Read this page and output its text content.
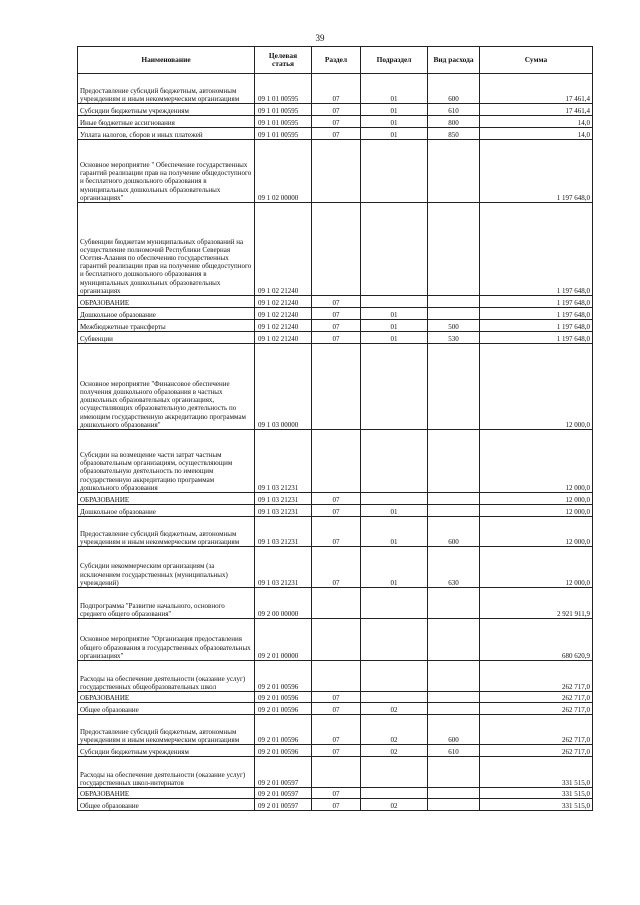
39
Наименование	Целевая статья	Раздел	Подраздел	Вид расхода	Сумма
Предоставление субсидий бюджетным, автономным учреждениям и иным некоммерческим организациям	09 1 01 00595	07	01	600	17 461,4
Субсидии бюджетным учреждениям	09 1 01 00595	07	01	610	17 461,4
Иные бюджетные ассигнования	09 1 01 00595	07	01	800	14,0
Уплата налогов, сборов и иных платежей	09 1 01 00595	07	01	850	14,0
Основное мероприятие " Обеспечение государственных гарантий реализации прав на получение общедоступного и бесплатного дошкольного образования в муниципальных дошкольных образовательных организациях"	09 1 02 00000				1 197 648,0
Субвенции бюджетам муниципальных образований на осуществление полномочий Республики Северная Осетия-Алания по обеспечению государственных гарантий реализации прав на получение общедоступного и бесплатного дошкольного образования в муниципальных дошкольных образовательных организациях	09 1 02 21240				1 197 648,0
ОБРАЗОВАНИЕ	09 1 02 21240	07			1 197 648,0
Дошкольное образование	09 1 02 21240	07	01		1 197 648,0
Межбюджетные трансферты	09 1 02 21240	07	01	500	1 197 648,0
Субвенции	09 1 02 21240	07	01	530	1 197 648,0
Основное мероприятие "Финансовое обеспечение получения дошкольного образования в частных дошкольных образовательных организациях, осуществляющих образовательную деятельность по имеющим государственную аккредитацию программам дошкольного образования"	09 1 03 00000				12 000,0
Субсидии на возмещение части затрат частным образовательным организациям, осуществляющим образовательную деятельность по имеющим государственную аккредитацию программам дошкольного образования	09 1 03 21231				12 000,0
ОБРАЗОВАНИЕ	09 1 03 21231	07			12 000,0
Дошкольное образование	09 1 03 21231	07	01		12 000,0
Предоставление субсидий бюджетным, автономным учреждениям и иным некоммерческим организациям	09 1 03 21231	07	01	600	12 000,0
Субсидии некоммерческим организациям (за исключением государственных (муниципальных) учреждений)	09 1 03 21231	07	01	630	12 000,0
Подпрограмма "Развитие начального, основного среднего общего образования"	09 2 00 00000				2 921 911,9
Основное мероприятие "Организация предоставления общего образования в государственных образовательных организациях"	09 2 01 00000				680 620,9
Расходы на обеспечение деятельности (оказание услуг) государственных общеобразовательных школ	09 2 01 00596				262 717,0
ОБРАЗОВАНИЕ	09 2 01 00596	07			262 717,0
Общее образование	09 2 01 00596	07	02		262 717,0
Предоставление субсидий бюджетным, автономным учреждениям и иным некоммерческим организациям	09 2 01 00596	07	02	600	262 717,0
Субсидии бюджетным учреждениям	09 2 01 00596	07	02	610	262 717,0
Расходы на обеспечение деятельности (оказание услуг) государственных школ-интернатов	09 2 01 00597				331 515,0
ОБРАЗОВАНИЕ	09 2 01 00597	07			331 515,0
Общее образование	09 2 01 00597	07	02		331 515,0
